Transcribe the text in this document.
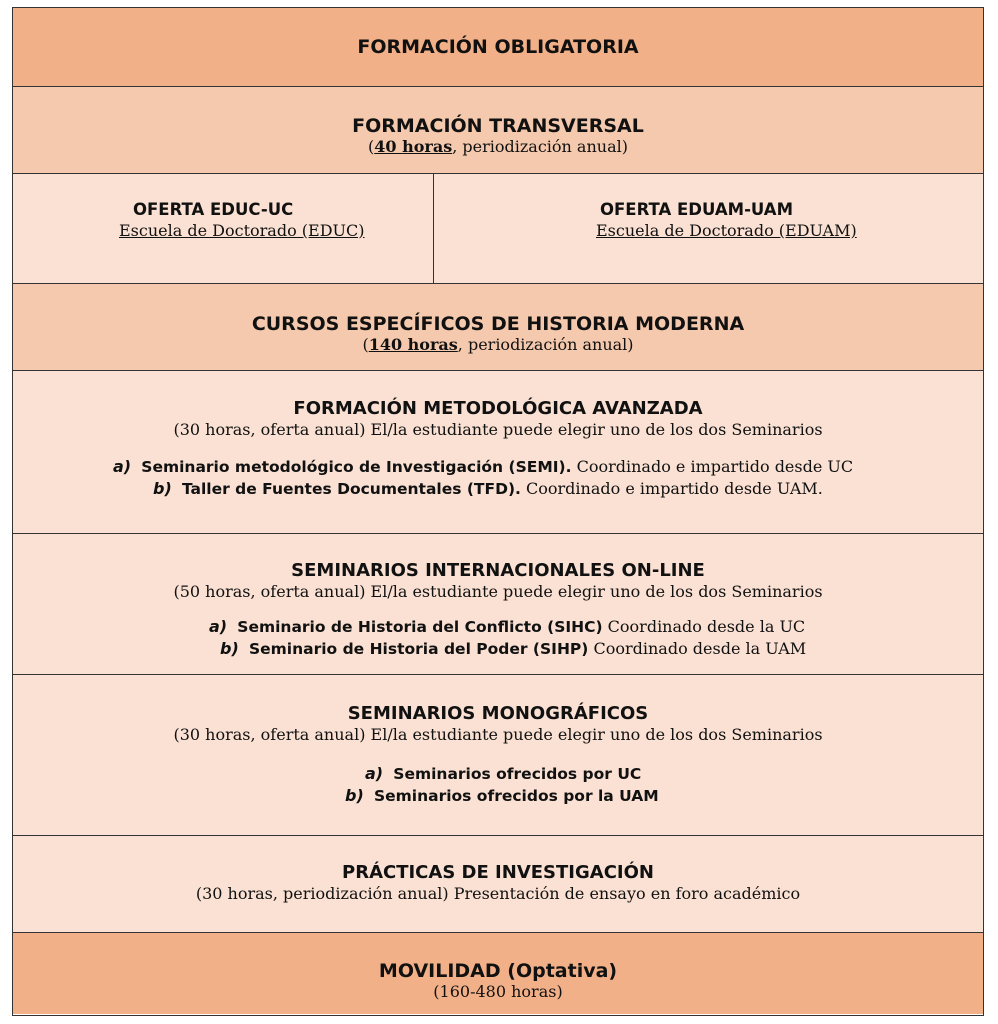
FORMACIÓN OBLIGATORIA
FORMACIÓN TRANSVERSAL
(40 horas, periodización anual)
OFERTA EDUC-UC
Escuela de Doctorado (EDUC)
OFERTA EDUAM-UAM
Escuela de Doctorado (EDUAM)
CURSOS ESPECÍFICOS DE HISTORIA MODERNA
(140 horas, periodización anual)
FORMACIÓN METODOLÓGICA AVANZADA
(30 horas, oferta anual) El/la estudiante puede elegir uno de los dos Seminarios
a) Seminario metodológico de Investigación (SEMI). Coordinado e impartido desde UC
b) Taller de Fuentes Documentales (TFD). Coordinado e impartido desde UAM.
SEMINARIOS INTERNACIONALES ON-LINE
(50 horas, oferta anual) El/la estudiante puede elegir uno de los dos Seminarios
a) Seminario de Historia del Conflicto (SIHC) Coordinado desde la UC
b) Seminario de Historia del Poder (SIHP) Coordinado desde la UAM
SEMINARIOS MONOGRÁFICOS
(30 horas, oferta anual) El/la estudiante puede elegir uno de los dos Seminarios
a) Seminarios ofrecidos por UC
b) Seminarios ofrecidos por la UAM
PRÁCTICAS DE INVESTIGACIÓN
(30 horas, periodización anual) Presentación de ensayo en foro académico
MOVILIDAD (Optativa)
(160-480 horas)
